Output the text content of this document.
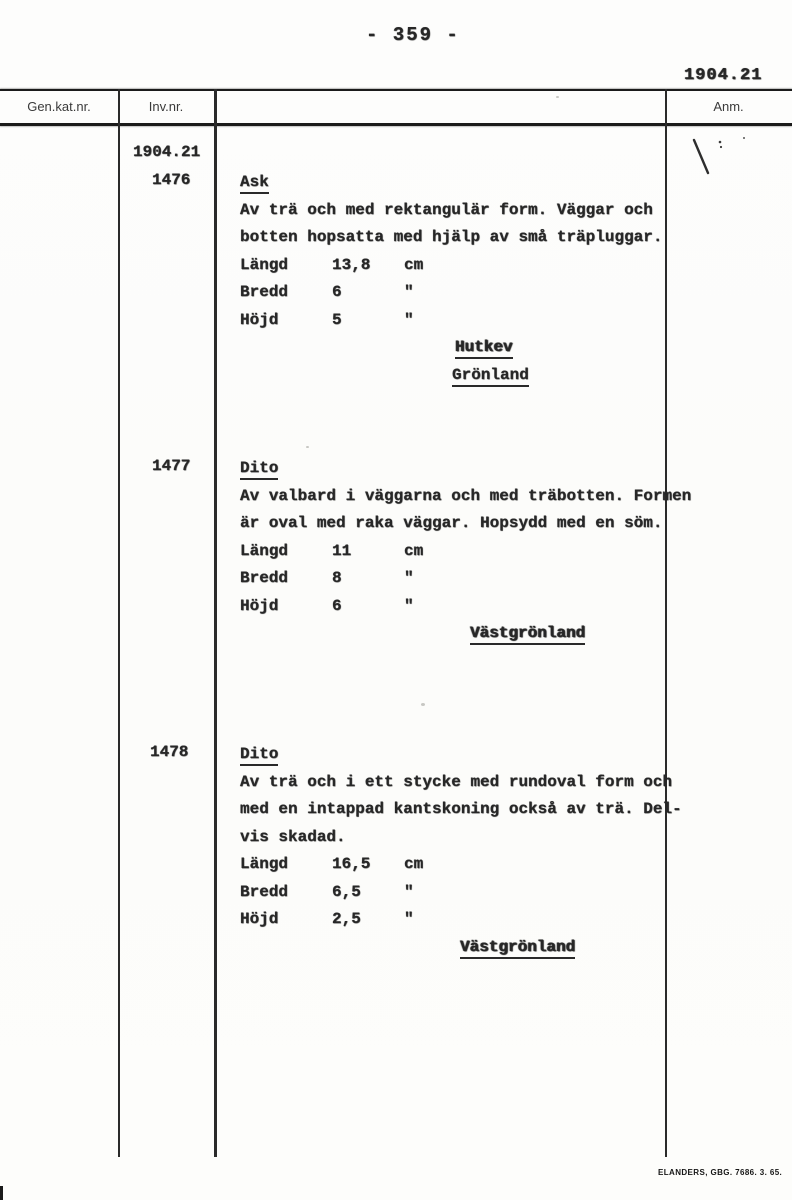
- 359 -
1904.21
Gen.kat.nr.	Inv.nr.	Anm.
1904.21
1476	Ask
Av trä och med rektangulär form. Väggar och
botten hopsatta med hjälp av små träpluggar.
Längd	13,8 cm
Bredd	6	"
Höjd	5	"
Hutkev
Grönland
1477	Dito
Av valbard i väggarna och med träbotten. Formen
är oval med raka väggar. Hopsydd med en söm.
Längd	11	cm
Bredd	8	"
Höjd	6	"
Västgrönland
1478	Dito
Av trä och i ett stycke med rundoval form och
med en intappad kantskoning också av trä. Del-
vis skadad.
Längd	16,5 cm
Bredd	6,5	"
Höjd	2,5	"
Västgrönland
ELANDERS, GBG. 7686. 3. 65.
